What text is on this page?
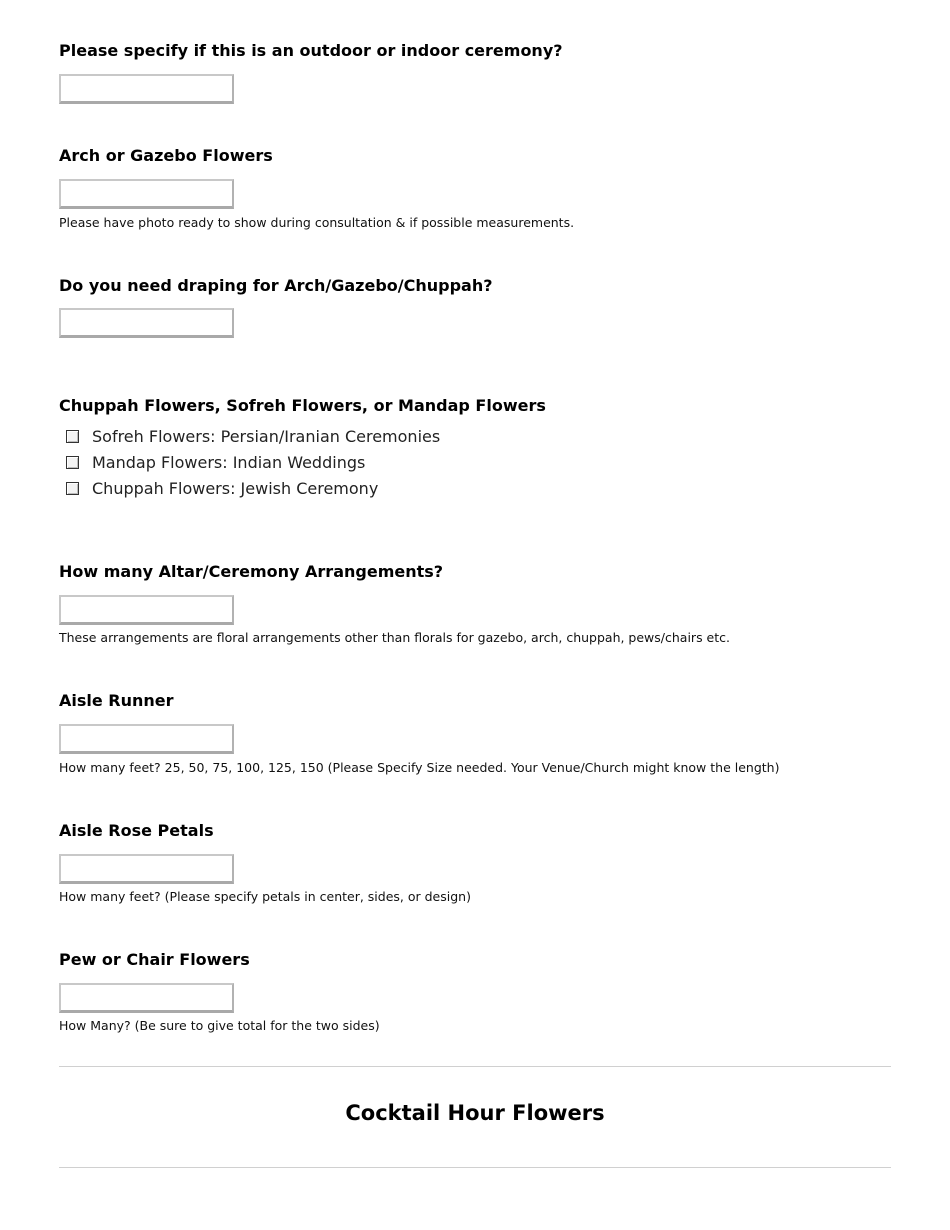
Please specify if this is an outdoor or indoor ceremony?
Arch or Gazebo Flowers
Please have photo ready to show during consultation & if possible measurements.
Do you need draping for Arch/Gazebo/Chuppah?
Chuppah Flowers, Sofreh Flowers, or Mandap Flowers
Sofreh Flowers: Persian/Iranian Ceremonies
Mandap Flowers: Indian Weddings
Chuppah Flowers: Jewish Ceremony
How many Altar/Ceremony Arrangements?
These arrangements are floral arrangements other than florals for gazebo, arch, chuppah, pews/chairs etc.
Aisle Runner
How many feet? 25, 50, 75, 100, 125, 150 (Please Specify Size needed. Your Venue/Church might know the length)
Aisle Rose Petals
How many feet? (Please specify petals in center, sides, or design)
Pew or Chair Flowers
How Many? (Be sure to give total for the two sides)
Cocktail Hour Flowers
